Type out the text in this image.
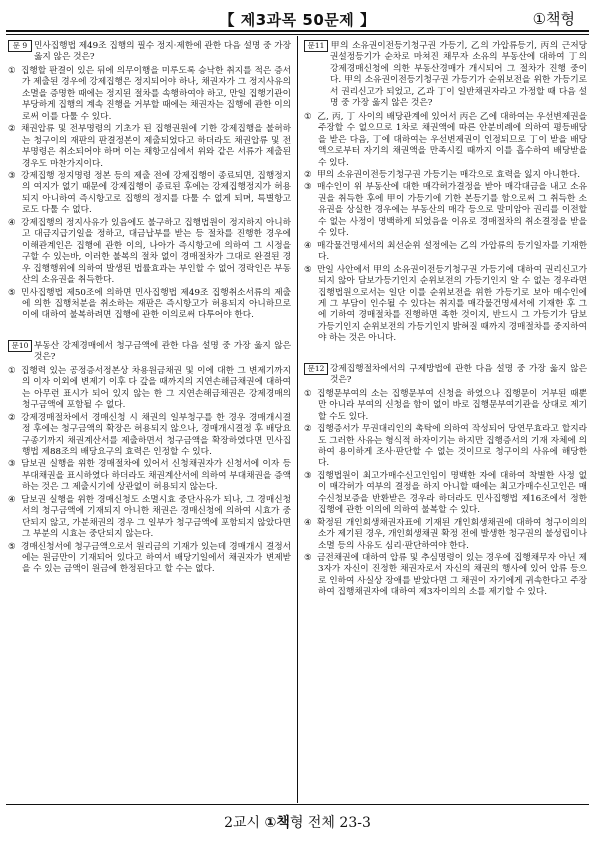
【 제3과목 50문제 】	①책형
문 9 민사집행법 제49조 집행의 필수 정지·제한에 관한 다음 설명 중 가장 옳지 않은 것은?
① 집행할 판결이 있은 뒤에 의무이행을 미루도록 승낙한 취지를 적은 증서가 제출된 경우에 강제집행은 정지되어야 하나, 채권자가 그 정지사유의 소멸을 증명한 때에는 정지된 절차를 속행하여야 하고, 만일 집행기관이 부당하게 집행의 계속 진행을 거부할 때에는 채권자는 집행에 관한 이의로써 이를 다툴 수 있다.
② 채권압류 및 전부명령의 기초가 된 집행권원에 기한 강제집행을 불허하는 청구이의 재판의 판결정본이 제출되었다고 하더라도 채권압류 및 전부명령은 취소되어야 하며 이는 채항고심에서 위와 같은 서류가 제출된 경우도 마찬가지이다.
③ 강제집행 정지명령 정본 등의 제출 전에 강제집행이 종료되면, 집행정지의 여지가 없기 때문에 강제집행이 종료된 후에는 강제집행정지가 허용되지 아니하여 즉시항고로 집행의 정지를 다툴 수 없게 되며, 특별항고로도 다툴 수 없다.
④ 강제집행의 정지사유가 있음에도 불구하고 집행법원이 정지하지 아니하고 대금지급기일을 정하고, 대금납부를 받는 등 절차를 진행한 경우에 이해관계인은 집행에 관한 이의, 나아가 즉시항고에 의하여 그 시정을 구할 수 있는바, 이러한 불복의 절차 없이 경매절차가 그대로 완결된 경우 집행행위에 의하여 발생된 법률효과는 부인할 수 없어 경락인은 부동산의 소유권을 취득한다.
⑤ 민사집행법 제50조에 의하면 민사집행법 제49조 집행취소서류의 제출에 의한 집행처분을 취소하는 재판은 즉시항고가 허용되지 아니하므로 이에 대하여 불복하려면 집행에 관한 이의로써 다투어야 한다.
문10 부동산 강제경매에서 청구금액에 관한 다음 설명 중 가장 옳지 않은 것은?
① 집행력 있는 공정증서정본상 차용원금채권 및 이에 대한 그 변제기까지의 이자 이외에 변제기 이후 다 갚을 때까지의 지연손해금채권에 대하여는 아무런 표시가 되어 있지 않는 한 그 지연손해금채권은 강제경매의 청구금액에 포함될 수 없다.
② 강제경매절차에서 경매신청 시 채권의 일부청구를 한 경우 경매개시결정 후에는 청구금액의 확장은 허용되지 않으나, 경매개시결정 후 배당요구종기까지 채권계산서를 제출하면서 청구금액을 확장하였다면 민사집행법 제88조의 배당요구의 효력은 인정할 수 있다.
③ 담보권 실행을 위한 경매절차에 있어서 신청채권자가 신청서에 이자 등 부대채권을 표시하였다 하더라도 채권계산서에 의하여 부대채권을 증액하는 것은 그 제출시기에 상관없이 허용되지 않는다.
④ 담보권 실행을 위한 경매신청도 소멸시효 중단사유가 되나, 그 경매신청서의 청구금액에 기재되지 아니한 채권은 경매신청에 의하여 시효가 중단되지 않고, 가분채권의 경우 그 일부가 청구금액에 포함되지 않았다면 그 부분의 시효는 중단되지 않는다.
⑤ 경매신청서에 청구금액으로서 원리금의 기재가 있는데 경매개시 결정서에는 원금만이 기재되어 있다고 하여서 배당기일에서 채권자가 변제받을 수 있는 금액이 원금에 한정된다고 할 수는 없다.
문11 甲의 소유권이전등기청구권 가등기, 乙의 가압류등기, 丙의 근저당권설정등기가 순차로 마쳐진 채무자 소유의 부동산에 대하여 丁의 강제경매신청에 의한 부동산경매가 개시되어 그 절차가 진행 중이다. 甲의 소유권이전등기청구권 가등기가 순위보전을 위한 가등기로서 권리신고가 되었고, 乙과 丁이 일반채권자라고 가정할 때 다음 설명 중 가장 옳지 않은 것은?
① 乙, 丙, 丁 사이의 배당관계에 있어서 丙은 乙에 대하여는 우선변제권을 주장할 수 없으므로 1차로 채권액에 따른 안분비례에 의하여 평등배당을 받은 다음, 丁에 대하여는 우선변제권이 인정되므로 丁이 받을 배당액으로부터 자기의 채권액을 만족시킬 때까지 이를 흡수하여 배당받을 수 있다.
② 甲의 소유권이전등기청구권 가등기는 매각으로 효력을 잃지 아니한다.
③ 매수인이 위 부동산에 대한 매각허가결정을 받아 매각대금을 내고 소유권을 취득한 후에 甲이 가등기에 기한 본등기를 함으로써 그 취득한 소유권을 상실한 경우에는 부동산의 매각 등으로 말미암아 권리를 이전할 수 없는 사정이 명백하게 되었음을 이유로 경매절차의 취소결정을 받을 수 있다.
④ 매각물건명세서의 최선순위 설정에는 乙의 가압류의 등기일자를 기재한다.
⑤ 만일 사안에서 甲의 소유권이전등기청구권 가등기에 대하여 권리신고가 되지 않아 담보가등기인지 순위보전의 가등기인지 알 수 없는 경우라면 집행법원으로서는 일단 이를 순위보전을 위한 가등기로 보아 매수인에게 그 부담이 인수될 수 있다는 취지를 매각물건명세서에 기재한 후 그에 기하여 경매절차를 진행하면 족한 것이지, 반드시 그 가등기가 담보가등기인지 순위보전의 가등기인지 밝혀질 때까지 경매절차를 중지하여야 하는 것은 아니다.
문12 강제집행절차에서의 구제방법에 관한 다음 설명 중 가장 옳지 않은 것은?
① 집행문부여의 소는 집행문부여 신청을 하였으나 집행문이 거부된 때뿐만 아니라 부여의 신청을 함이 없이 바로 집행문부여기관을 상대로 제기할 수도 있다.
② 집행증서가 무권대리인의 촉탁에 의하여 작성되어 당연무효라고 할지라도 그러한 사유는 형식적 하자이기는 하지만 집행증서의 기재 자체에 의하여 용이하게 조사·판단할 수 없는 것이므로 청구이의 사유에 해당한다.
③ 집행법원이 최고가매수신고인임이 명백한 자에 대하여 착별한 사정 없이 매각허가 여부의 결정을 하지 아니할 때에는 최고가매수신고인은 매수신청보증을 반환받은 경우라 하더라도 민사집행법 제16조에서 정한 집행에 관한 이의에 의하여 불복할 수 있다.
④ 확정된 개인회생채권자표에 기재된 개인회생채권에 대하여 청구이의의 소가 제기된 경우, 개인회생채권 확정 전에 발생한 청구권의 불성립이나 소멸 등의 사유도 심리·판단하여야 한다.
⑤ 금전채권에 대하여 압류 및 추심명령이 있는 경우에 집행채무자 아닌 제3자가 자신이 진정한 채권자로서 자신의 채권의 행사에 있어 압류 등으로 인하여 사실상 장애를 받았다면 그 채권이 자기에게 귀속한다고 주장하여 집행채권자에 대하여 제3자이의의 소를 제기할 수 있다.
2교시 ①책형 전체 23-3
